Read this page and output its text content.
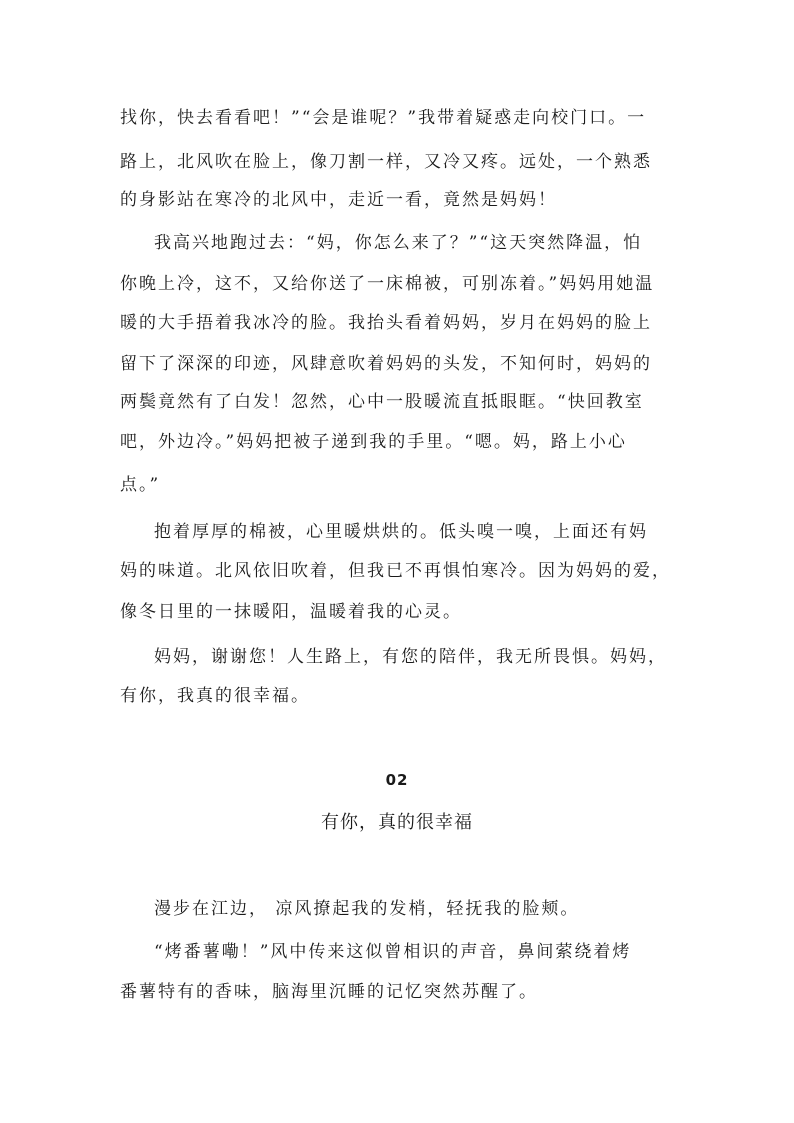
找你，快去看看吧！”“会是谁呢？”我带着疑惑走向校门口。一
路上，北风吹在脸上，像刀割一样，又冷又疼。远处，一个熟悉
的身影站在寒冷的北风中，走近一看，竟然是妈妈！
我高兴地跑过去：“妈，你怎么来了？”“这天突然降温，怕
你晚上冷，这不，又给你送了一床棉被，可别冻着。”妈妈用她温
暖的大手捂着我冰冷的脸。我抬头看着妈妈，岁月在妈妈的脸上
留下了深深的印迹，风肆意吹着妈妈的头发，不知何时，妈妈的
两鬓竟然有了白发！忽然，心中一股暖流直抵眼眶。“快回教室
吧，外边冷。”妈妈把被子递到我的手里。“嗯。妈，路上小心
点。”
抱着厚厚的棉被，心里暖烘烘的。低头嗅一嗅，上面还有妈
妈的味道。北风依旧吹着，但我已不再惧怕寒冷。因为妈妈的爱，
像冬日里的一抹暖阳，温暖着我的心灵。
妈妈，谢谢您！人生路上，有您的陪伴，我无所畏惧。妈妈，
有你，我真的很幸福。
02
有你，真的很幸福
漫步在江边， 凉风撩起我的发梢，轻抚我的脸颊。
“烤番薯嘞！”风中传来这似曾相识的声音，鼻间萦绕着烤
番薯特有的香味，脑海里沉睡的记忆突然苏醒了。
